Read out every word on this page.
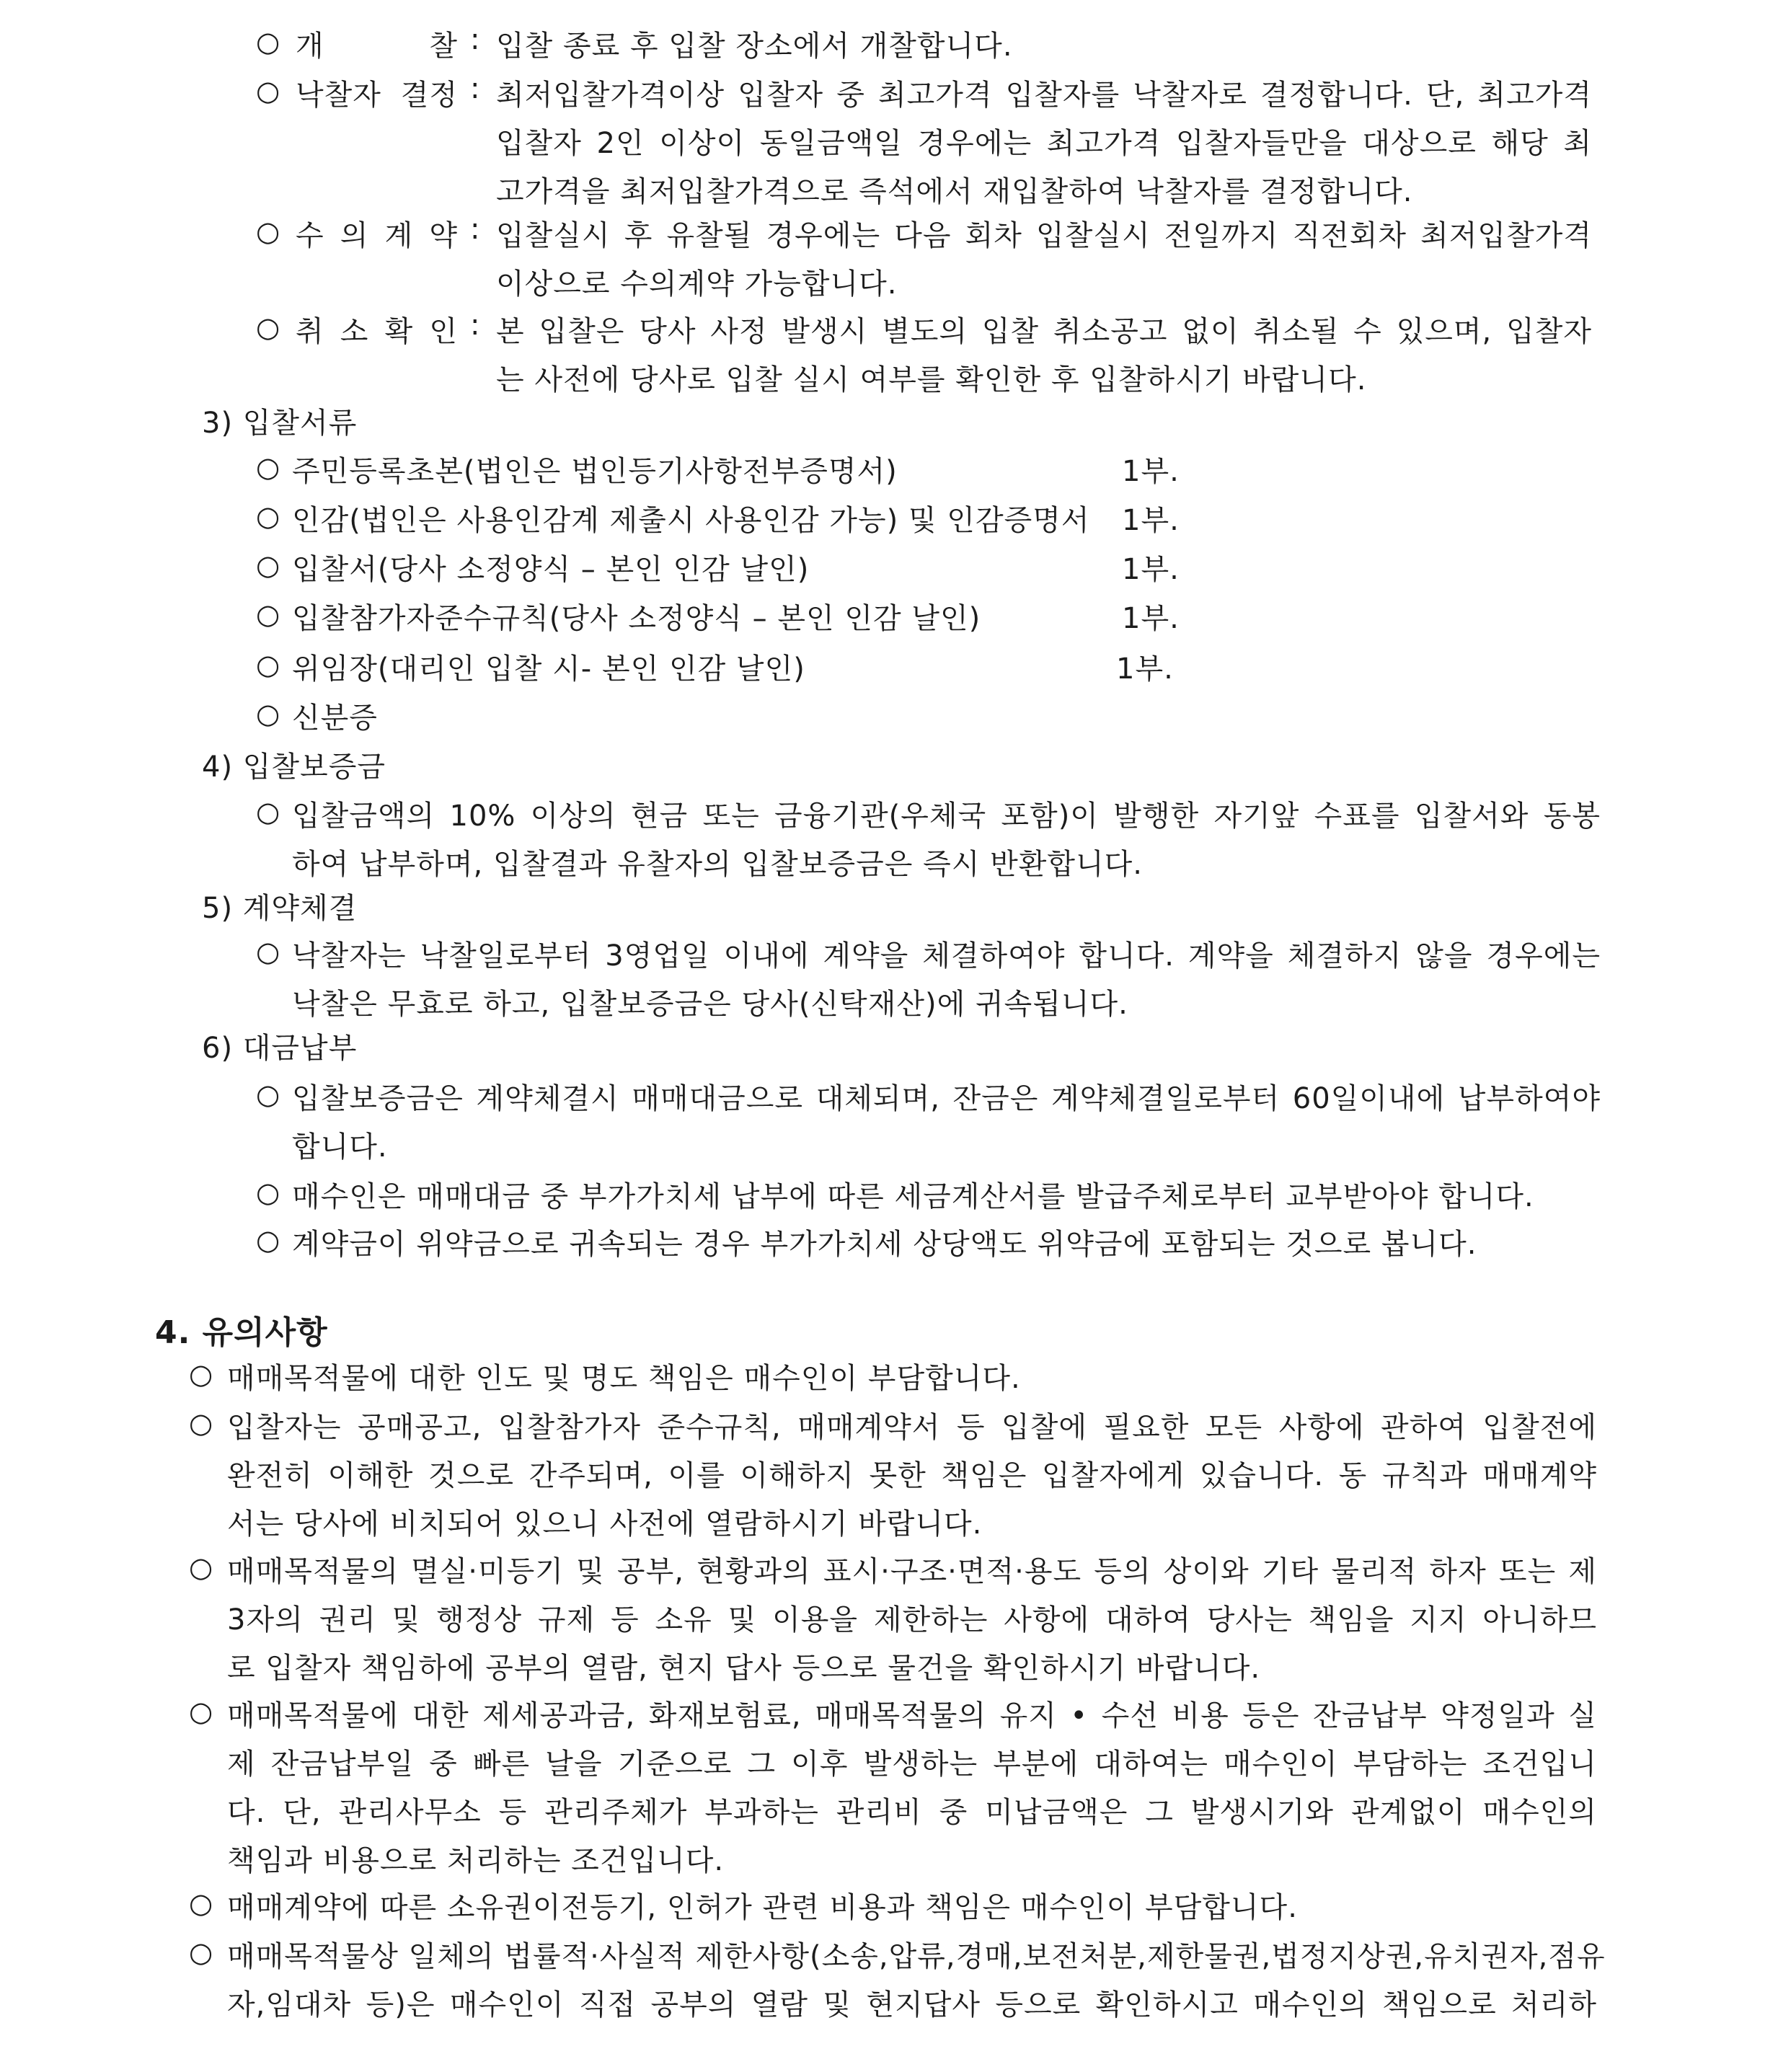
○ 개 찰 : 입찰 종료 후 입찰 장소에서 개찰합니다.
○ 낙찰자 결정 : 최저입찰가격이상 입찰자 중 최고가격 입찰자를 낙찰자로 결정합니다. 단, 최고가격
입찰자 2인 이상이 동일금액일 경우에는 최고가격 입찰자들만을 대상으로 해당 최
고가격을 최저입찰가격으로 즉석에서 재입찰하여 낙찰자를 결정합니다.
○ 수 의 계 약 : 입찰실시 후 유찰될 경우에는 다음 회차 입찰실시 전일까지 직전회차 최저입찰가격
이상으로 수의계약 가능합니다.
○ 취 소 확 인 : 본 입찰은 당사 사정 발생시 별도의 입찰 취소공고 없이 취소될 수 있으며, 입찰자
는 사전에 당사로 입찰 실시 여부를 확인한 후 입찰하시기 바랍니다.
3) 입찰서류
○ 주민등록초본(법인은 법인등기사항전부증명서)	1부.
○ 인감(법인은 사용인감계 제출시 사용인감 가능) 및 인감증명서 1부.
○ 입찰서(당사 소정양식 – 본인 인감 날인)	1부.
○ 입찰참가자준수규칙(당사 소정양식 – 본인 인감 날인)	1부.
○ 위임장(대리인 입찰 시- 본인 인감 날인)	1부.
○ 신분증
4) 입찰보증금
○ 입찰금액의 10% 이상의 현금 또는 금융기관(우체국 포함)이 발행한 자기앞 수표를 입찰서와 동봉
하여 납부하며, 입찰결과 유찰자의 입찰보증금은 즉시 반환합니다.
5) 계약체결
○ 낙찰자는 낙찰일로부터 3영업일 이내에 계약을 체결하여야 합니다. 계약을 체결하지 않을 경우에는
낙찰은 무효로 하고, 입찰보증금은 당사(신탁재산)에 귀속됩니다.
6) 대금납부
○ 입찰보증금은 계약체결시 매매대금으로 대체되며, 잔금은 계약체결일로부터 60일이내에 납부하여야
합니다.
○ 매수인은 매매대금 중 부가가치세 납부에 따른 세금계산서를 발급주체로부터 교부받아야 합니다.
○ 계약금이 위약금으로 귀속되는 경우 부가가치세 상당액도 위약금에 포함되는 것으로 봅니다.
4. 유의사항
○ 매매목적물에 대한 인도 및 명도 책임은 매수인이 부담합니다.
○ 입찰자는 공매공고, 입찰참가자 준수규칙, 매매계약서 등 입찰에 필요한 모든 사항에 관하여 입찰전에
완전히 이해한 것으로 간주되며, 이를 이해하지 못한 책임은 입찰자에게 있습니다. 동 규칙과 매매계약
서는 당사에 비치되어 있으니 사전에 열람하시기 바랍니다.
○ 매매목적물의 멸실·미등기 및 공부, 현황과의 표시·구조·면적·용도 등의 상이와 기타 물리적 하자 또는 제
3자의 권리 및 행정상 규제 등 소유 및 이용을 제한하는 사항에 대하여 당사는 책임을 지지 아니하므
로 입찰자 책임하에 공부의 열람, 현지 답사 등으로 물건을 확인하시기 바랍니다.
○ 매매목적물에 대한 제세공과금, 화재보험료, 매매목적물의 유지 • 수선 비용 등은 잔금납부 약정일과 실
제 잔금납부일 중 빠른 날을 기준으로 그 이후 발생하는 부분에 대하여는 매수인이 부담하는 조건입니
다. 단, 관리사무소 등 관리주체가 부과하는 관리비 중 미납금액은 그 발생시기와 관계없이 매수인의
책임과 비용으로 처리하는 조건입니다.
○ 매매계약에 따른 소유권이전등기, 인허가 관련 비용과 책임은 매수인이 부담합니다.
○ 매매목적물상 일체의 법률적·사실적 제한사항(소송,압류,경매,보전처분,제한물권,법정지상권,유치권자,점유
자,임대차 등)은 매수인이 직접 공부의 열람 및 현지답사 등으로 확인하시고 매수인의 책임으로 처리하
